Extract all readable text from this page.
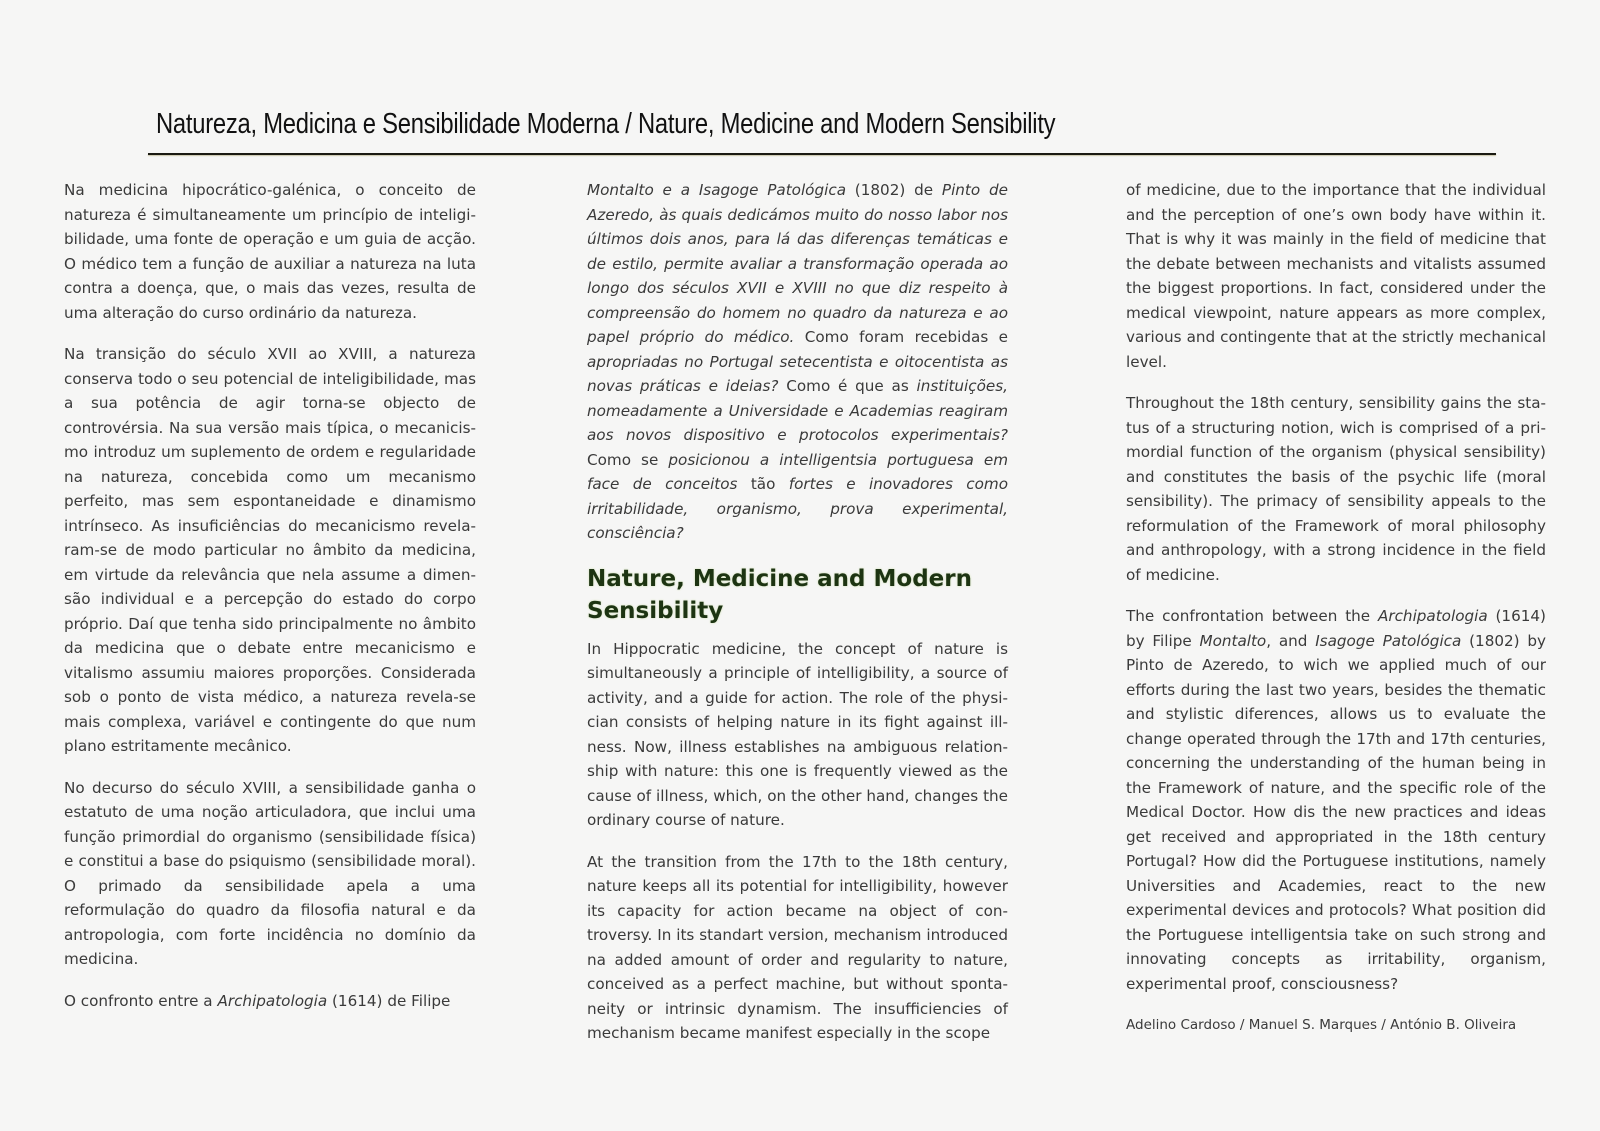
Natureza, Medicina e Sensibilidade Moderna / Nature, Medicine and Modern Sensibility

Na medicina hipocrático-galénica, o conceito de natureza é simultaneamente um princípio de inteligibilidade, uma fonte de operação e um guia de acção. O médico tem a função de auxiliar a natureza na luta contra a doença, que, o mais das vezes, resulta de uma alteração do curso ordinário da natureza.

Na transição do século XVII ao XVIII, a natureza conserva todo o seu potencial de inteligibilidade, mas a sua potência de agir torna-se objecto de controvérsia. Na sua versão mais típica, o mecanicismo introduz um suplemento de ordem e regularidade na natureza, concebida como um mecanismo perfeito, mas sem espontaneidade e dinamismo intrínseco. As insuficiências do mecanicismo revelaram-se de modo particular no âmbito da medicina, em virtude da relevância que nela assume a dimensão individual e a percepção do estado do corpo próprio. Daí que tenha sido principalmente no âmbito da medicina que o debate entre mecanicismo e vitalismo assumiu maiores proporções. Considerada sob o ponto de vista médico, a natureza revela-se mais complexa, variável e contingente do que num plano estritamente mecânico.

No decurso do século XVIII, a sensibilidade ganha o estatuto de uma noção articuladora, que inclui uma função primordial do organismo (sensibilidade física) e constitui a base do psiquismo (sensibilidade moral). O primado da sensibilidade apela a uma reformulação do quadro da filosofia natural e da antropologia, com forte incidência no domínio da medicina.

O confronto entre a Archipatologia (1614) de Filipe

Montalto e a Isagoge Patológica (1802) de Pinto de Azeredo, às quais dedicámos muito do nosso labor nos últimos dois anos, para lá das diferenças temáticas e de estilo, permite avaliar a transformação operada ao longo dos séculos XVII e XVIII no que diz respeito à compreensão do homem no quadro da natureza e ao papel próprio do médico. Como foram recebidas e apropriadas no Portugal setecentista e oitocentista as novas práticas e ideias? Como é que as instituições, nomeadamente a Universidade e Academias reagiram aos novos dispositivo e protocolos experimentais? Como se posicionou a intelligentsia portuguesa em face de conceitos tão fortes e inovadores como irritabilidade, organismo, prova experimental, consciência?

Nature, Medicine and Modern Sensibility

In Hippocratic medicine, the concept of nature is simultaneously a principle of intelligibility, a source of activity, and a guide for action. The role of the physician consists of helping nature in its fight against illness. Now, illness establishes na ambiguous relationship with nature: this one is frequently viewed as the cause of illness, which, on the other hand, changes the ordinary course of nature.

At the transition from the 17th to the 18th century, nature keeps all its potential for intelligibility, however its capacity for action became na object of controversy. In its standart version, mechanism introduced na added amount of order and regularity to nature, conceived as a perfect machine, but without spontaneity or intrinsic dynamism. The insufficiencies of mechanism became manifest especially in the scope

of medicine, due to the importance that the individual and the perception of one’s own body have within it. That is why it was mainly in the field of medicine that the debate between mechanists and vitalists assumed the biggest proportions. In fact, considered under the medical viewpoint, nature appears as more complex, various and contingente that at the strictly mechanical level.

Throughout the 18th century, sensibility gains the status of a structuring notion, wich is comprised of a primordial function of the organism (physical sensibility) and constitutes the basis of the psychic life (moral sensibility). The primacy of sensibility appeals to the reformulation of the Framework of moral philosophy and anthropology, with a strong incidence in the field of medicine.

The confrontation between the Archipatologia (1614) by Filipe Montalto, and Isagoge Patológica (1802) by Pinto de Azeredo, to wich we applied much of our efforts during the last two years, besides the thematic and stylistic diferences, allows us to evaluate the change operated through the 17th and 17th centuries, concerning the understanding of the human being in the Framework of nature, and the specific role of the Medical Doctor. How dis the new practices and ideas get received and appropriated in the 18th century Portugal? How did the Portuguese institutions, namely Universities and Academies, react to the new experimental devices and protocols? What position did the Portuguese intelligentsia take on such strong and innovating concepts as irritability, organism, experimental proof, consciousness?

Adelino Cardoso / Manuel S. Marques / António B. Oliveira
